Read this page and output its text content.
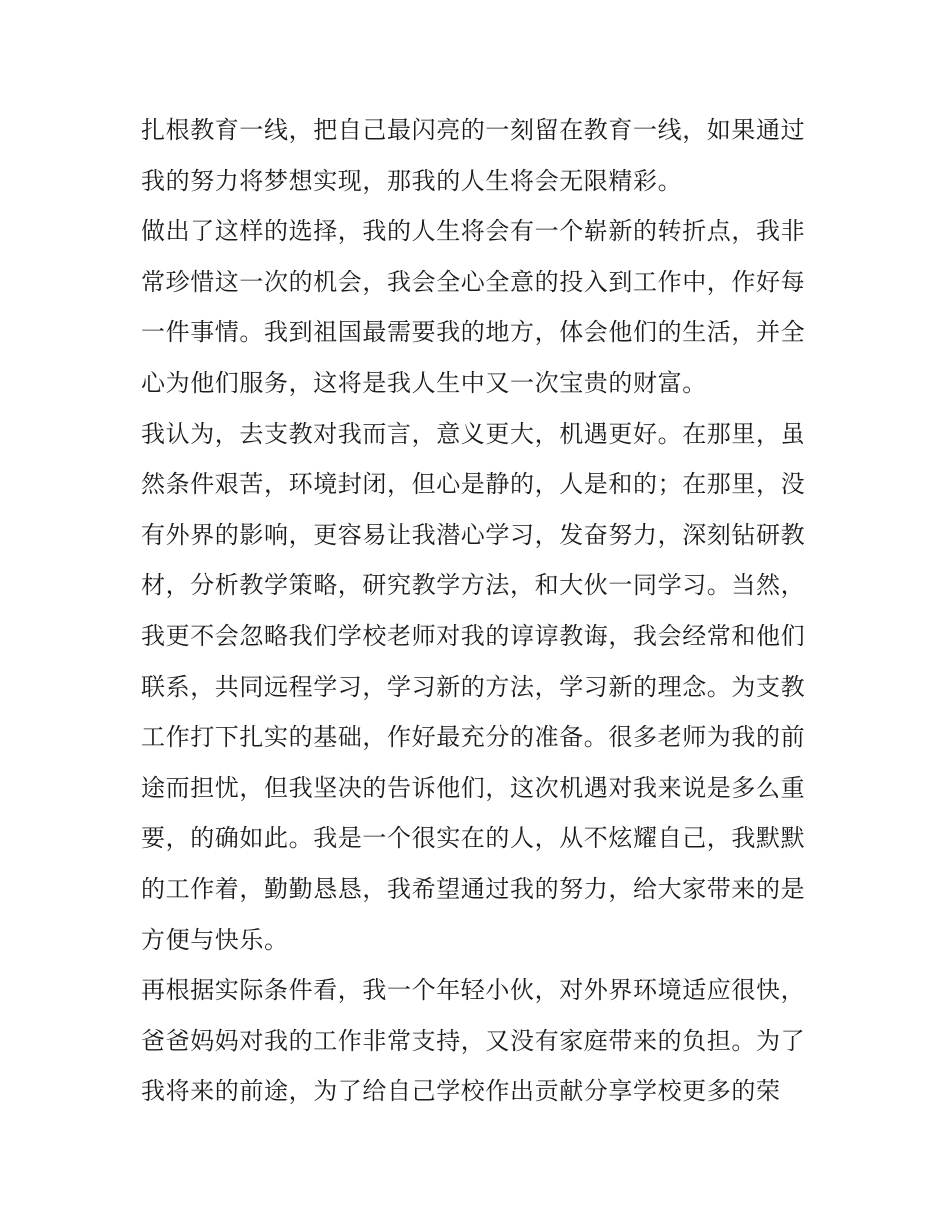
扎根教育一线，把自己最闪亮的一刻留在教育一线，如果通过
我的努力将梦想实现，那我的人生将会无限精彩。

做出了这样的选择，我的人生将会有一个崭新的转折点，我非
常珍惜这一次的机会，我会全心全意的投入到工作中，作好每
一件事情。我到祖国最需要我的地方，体会他们的生活，并全
心为他们服务，这将是我人生中又一次宝贵的财富。

我认为，去支教对我而言，意义更大，机遇更好。在那里，虽
然条件艰苦，环境封闭，但心是静的，人是和的；在那里，没
有外界的影响，更容易让我潜心学习，发奋努力，深刻钻研教
材，分析教学策略，研究教学方法，和大伙一同学习。当然，
我更不会忽略我们学校老师对我的谆谆教诲，我会经常和他们
联系，共同远程学习，学习新的方法，学习新的理念。为支教
工作打下扎实的基础，作好最充分的准备。很多老师为我的前
途而担忧，但我坚决的告诉他们，这次机遇对我来说是多么重
要，的确如此。我是一个很实在的人，从不炫耀自己，我默默
的工作着，勤勤恳恳，我希望通过我的努力，给大家带来的是
方便与快乐。

再根据实际条件看，我一个年轻小伙，对外界环境适应很快，
爸爸妈妈对我的工作非常支持，又没有家庭带来的负担。为了
我将来的前途，为了给自己学校作出贡献分享学校更多的荣
